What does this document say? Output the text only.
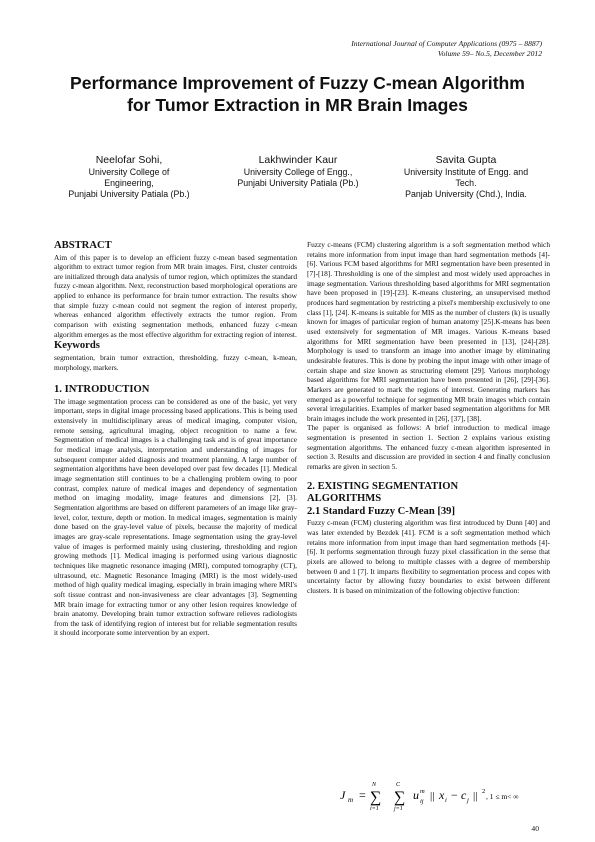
International Journal of Computer Applications (0975 – 8887)
Volume 59– No.5, December 2012
Performance Improvement of Fuzzy C-mean Algorithm
for Tumor Extraction in MR Brain Images
Neelofar Sohi,
University College of
Engineering,
Punjabi University Patiala (Pb.)
Lakhwinder Kaur
University College of Engg.,
Punjabi University Patiala (Pb.)
Savita Gupta
University Institute of Engg. and
Tech.
Panjab University (Chd.), India.
ABSTRACT

Aim of this paper is to develop an efficient fuzzy c-mean based segmentation algorithm to extract tumor region from MR brain images. First, cluster centroids are initialized through data analysis of tumor region, which optimizes the standard fuzzy c-mean algorithm. Next, reconstruction based morphological operations are applied to enhance its performance for brain tumor extraction. The results show that simple fuzzy c-mean could not segment the region of interest properly, whereas enhanced algorithm effectively extracts the tumor region. From comparison with existing segmentation methods, enhanced fuzzy c-mean algorithm emerges as the most effective algorithm for extracting region of interest.

Keywords

segmentation, brain tumor extraction, thresholding, fuzzy c-mean, k-mean, morphology, markers.

1. INTRODUCTION

The image segmentation process can be considered as one of the basic, yet very important, steps in digital image processing based applications. This is being used extensively in multidisciplinary areas of medical imaging, computer vision, remote sensing, agricultural imaging, object recognition to name a few. Segmentation of medical images is a challenging task and is of great importance for medical image analysis, interpretation and understanding of images for subsequent computer aided diagnosis and treatment planning. A large number of segmentation algorithms have been developed over past few decades [1]. Medical image segmentation still continues to be a challenging problem owing to poor contrast, complex nature of medical images and dependency of segmentation method on imaging modality, image features and dimensions [2], [3]. Segmentation algorithms are based on different parameters of an image like gray-level, color, texture, depth or motion. In medical images, segmentation is mainly done based on the gray-level value of pixels, because the majority of medical images are gray-scale representations. Image segmentation using the gray-level value of images is performed mainly using clustering, thresholding and region growing methods [1]. Medical imaging is performed using various diagnostic techniques like magnetic resonance imaging (MRI), computed tomography (CT), ultrasound, etc. Magnetic Resonance Imaging (MRI) is the most widely-used method of high quality medical imaging, especially in brain imaging where MRI's soft tissue contrast and non-invasiveness are clear advantages [3]. Segmenting MR brain image for extracting tumor or any other lesion requires knowledge of brain anatomy. Developing brain tumor extraction software relieves radiologists from the task of identifying region of interest but for reliable segmentation results it should incorporate some intervention by an expert.

Fuzzy c-means (FCM) clustering algorithm is a soft segmentation method which retains more information from input image than hard segmentation methods [4]-[6]. Various FCM based algorithms for MRI segmentation have been presented in [7]-[18]. Thresholding is one of the simplest and most widely used approaches in image segmentation. Various thresholding based algorithms for MRI segmentation have been proposed in [19]-[23]. K-means clustering, an unsupervised method produces hard segmentation by restricting a pixel's membership exclusively to one class [1], [24]. K-means is suitable for MIS as the number of clusters (k) is usually known for images of particular region of human anatomy [25].K-means has been used extensively for segmentation of MR images. Various K-means based algorithms for MRI segmentation have been presented in [13], [24]-[28]. Morphology is used to transform an image into another image by eliminating undesirable features. This is done by probing the input image with other image of certain shape and size known as structuring element [29]. Various morphology based algorithms for MRI segmentation have been presented in [26], [29]-[36]. Markers are generated to mark the regions of interest. Generating markers has emerged as a powerful technique for segmenting MR brain images which contain several irregularities. Examples of marker based segmentation algorithms for MR brain images include the work presented in [26], [37], [38].

The paper is organised as follows: A brief introduction to medical image segmentation is presented in section 1. Section 2 explains various existing segmentation algorithms. The enhanced fuzzy c-mean algorithm ispresented in section 3. Results and discussion are provided in section 4 and finally conclusion remarks are given in section 5.

2. EXISTING SEGMENTATION
ALGORITHMS
2.1 Standard Fuzzy C-Mean [39]

Fuzzy c-mean (FCM) clustering algorithm was first introduced by Dunn [40] and was later extended by Bezdek [41]. FCM is a soft segmentation method which retains more information from input image than hard segmentation methods [4]-[6]. It performs segmentation through fuzzy pixel classification in the sense that pixels are allowed to belong to multiple classes with a degree of membership between 0 and 1 [7]. It imparts flexibility to segmentation process and copes with uncertainty factor by allowing fuzzy boundaries to exist between different clusters. It is based on minimization of the following objective function:

J m =
N
∑
i=1
C
∑
j=1
u m
ij || x i − c j || 2
, 1 ≤ m< ∞
40
